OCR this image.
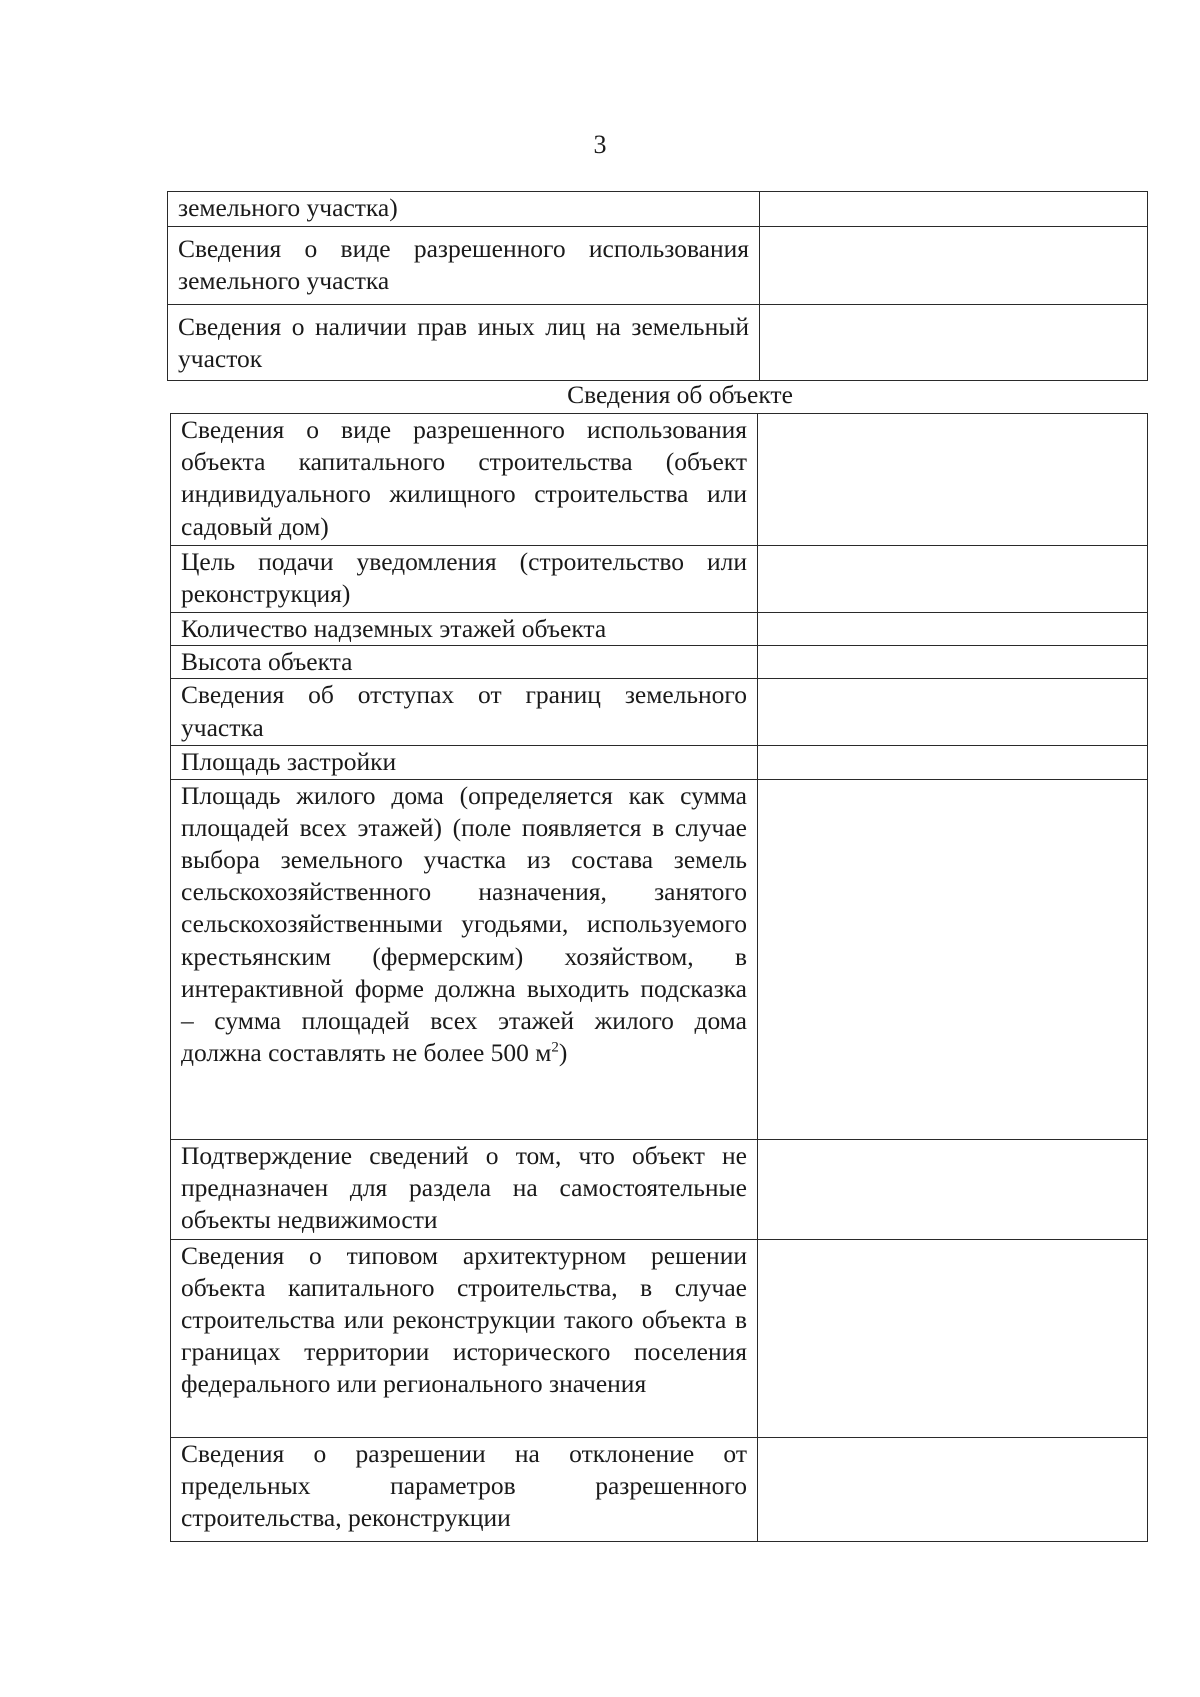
3
земельного участка)	
Сведения о виде разрешенного использования земельного участка	
Сведения о наличии прав иных лиц на земельный участок	
Сведения об объекте
Сведения о виде разрешенного использования объекта капитального строительства (объект индивидуального жилищного строительства или садовый дом)	
Цель подачи уведомления (строительство или реконструкция)	
Количество надземных этажей объекта	
Высота объекта	
Сведения об отступах от границ земельного участка	
Площадь застройки	
Площадь жилого дома (определяется как сумма площадей всех этажей) (поле появляется в случае выбора земельного участка из состава земель сельскохозяйственного назначения, занятого сельскохозяйственными угодьями, используемого крестьянским (фермерским) хозяйством, в интерактивной форме должна выходить подсказка – сумма площадей всех этажей жилого дома должна составлять не более 500 $м^2$)	
Подтверждение сведений о том, что объект не предназначен для раздела на самостоятельные объекты недвижимости	
Сведения о типовом архитектурном решении объекта капитального строительства, в случае строительства или реконструкции такого объекта в границах территории исторического поселения федерального или регионального значения	
Сведения о разрешении на отклонение от предельных параметров разрешенного строительства, реконструкции	
